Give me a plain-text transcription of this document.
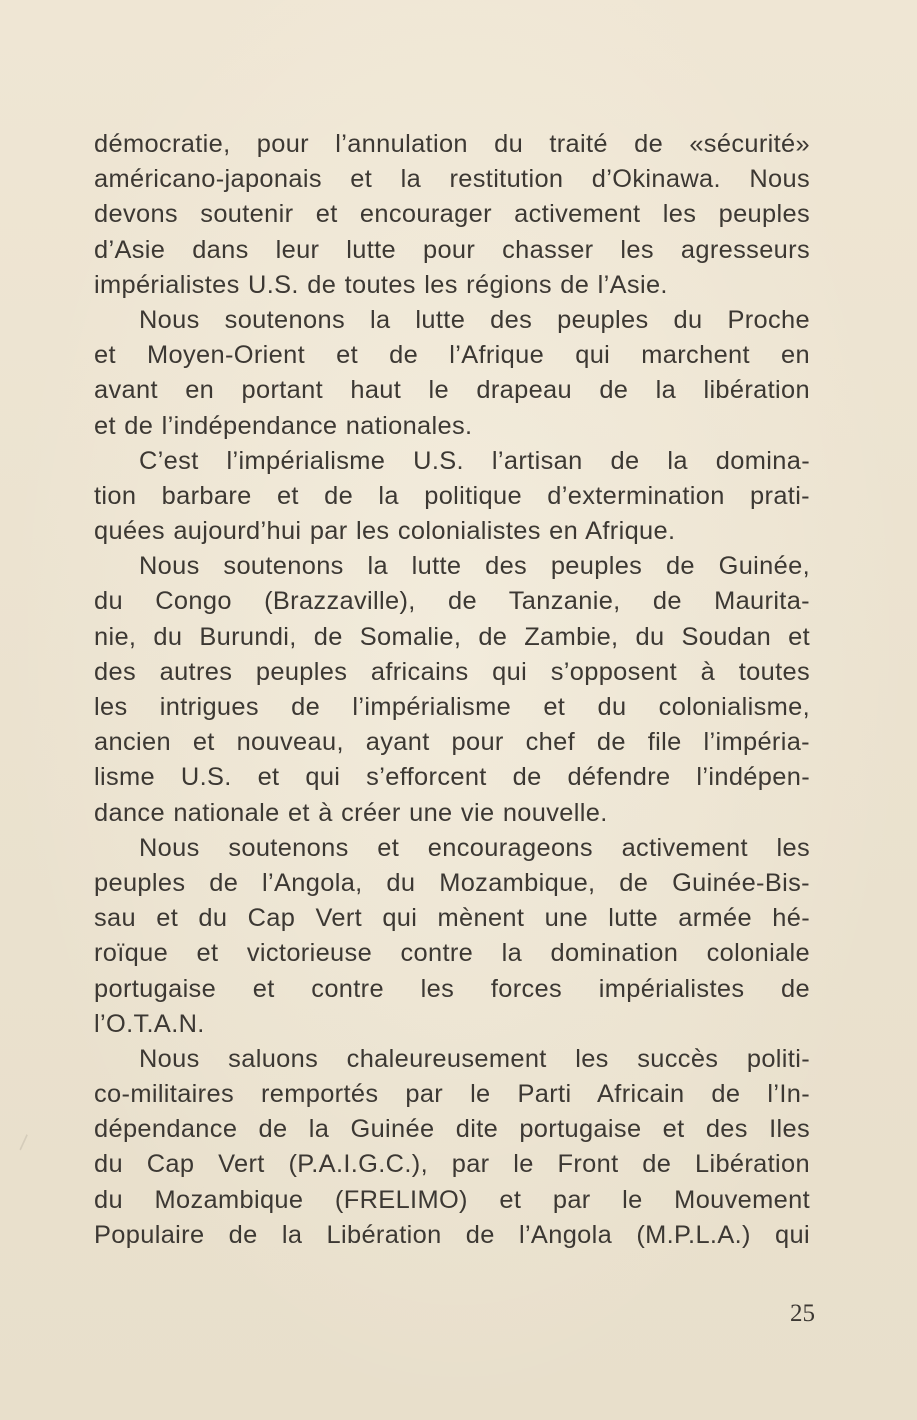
\
démocratie, pour l’annulation du traité de «sécurité»
américano-japonais et la restitution d’Okinawa. Nous
devons soutenir et encourager activement les peuples
d’Asie dans leur lutte pour chasser les agresseurs
impérialistes U.S. de toutes les régions de l’Asie.
Nous soutenons la lutte des peuples du Proche
et Moyen-Orient et de l’Afrique qui marchent en
avant en portant haut le drapeau de la libération
et de l’indépendance nationales.
C’est l’impérialisme U.S. l’artisan de la domina-
tion barbare et de la politique d’extermination prati-
quées aujourd’hui par les colonialistes en Afrique.
Nous soutenons la lutte des peuples de Guinée,
du Congo (Brazzaville), de Tanzanie, de Maurita-
nie, du Burundi, de Somalie, de Zambie, du Soudan et
des autres peuples africains qui s’opposent à toutes
les intrigues de l’impérialisme et du colonialisme,
ancien et nouveau, ayant pour chef de file l’impéria-
lisme U.S. et qui s’efforcent de défendre l’indépen-
dance nationale et à créer une vie nouvelle.
Nous soutenons et encourageons activement les
peuples de l’Angola, du Mozambique, de Guinée-Bis-
sau et du Cap Vert qui mènent une lutte armée hé-
roïque et victorieuse contre la domination coloniale
portugaise et contre les forces impérialistes de
l’O.T.A.N.
Nous saluons chaleureusement les succès politi-
co-militaires remportés par le Parti Africain de l’In-
dépendance de la Guinée dite portugaise et des Iles
du Cap Vert (P.A.I.G.C.), par le Front de Libération
du Mozambique (FRELIMO) et par le Mouvement
Populaire de la Libération de l’Angola (M.P.L.A.) qui
25
